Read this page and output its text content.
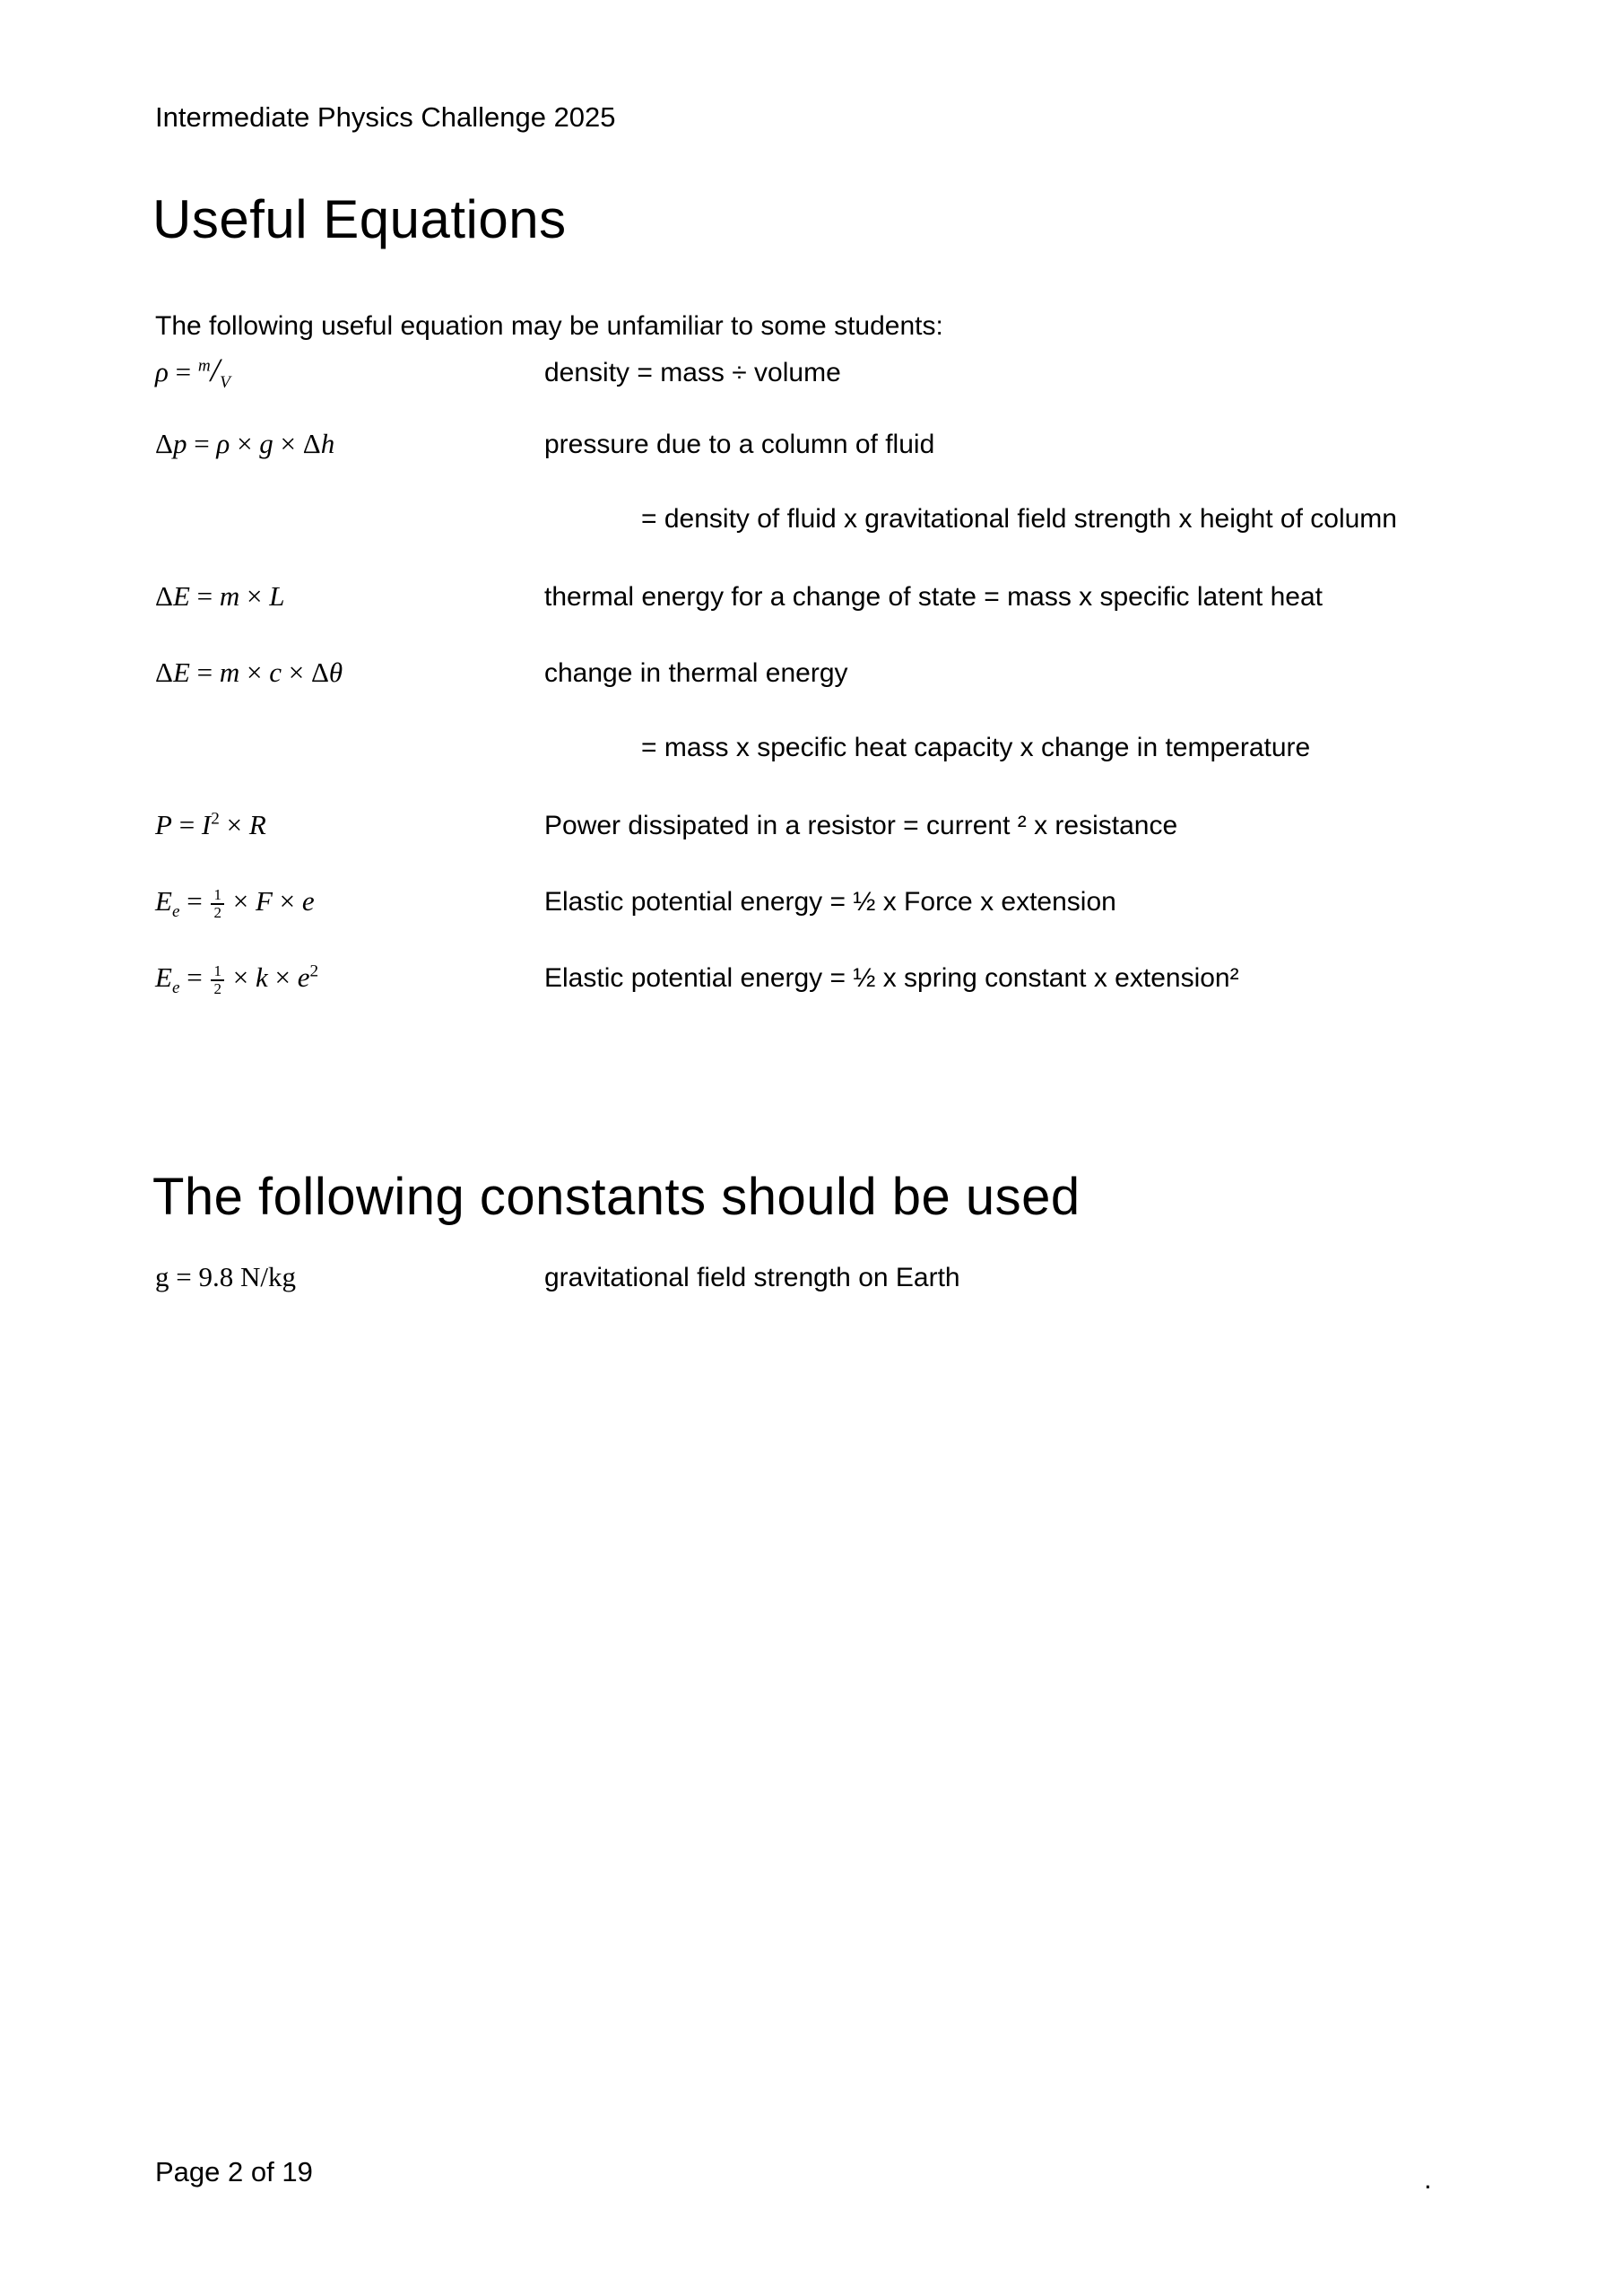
Intermediate Physics Challenge 2025
Useful Equations

The following useful equation may be unfamiliar to some students:

$\rho = ^m/_V$	density = mass ÷ volume
Δp = ρ × g × Δh	pressure due to a column of fluid
= density of fluid x gravitational field strength x height of column
ΔE = m × L	thermal energy for a change of state = mass x specific latent heat
ΔE = m × c × Δθ	change in thermal energy
= mass x specific heat capacity x change in temperature
$P = I^2 \times R$	Power dissipated in a resistor = current ² x resistance
$E_e = \frac{1}{2} \times F \times e$	Elastic potential energy = ½ x Force x extension
$E_e = \frac{1}{2} \times k \times e^2$	Elastic potential energy = ½ x spring constant x extension²
The following constants should be used
g = 9.8 N/kg	gravitational field strength on Earth
Page 2 of 19	.
